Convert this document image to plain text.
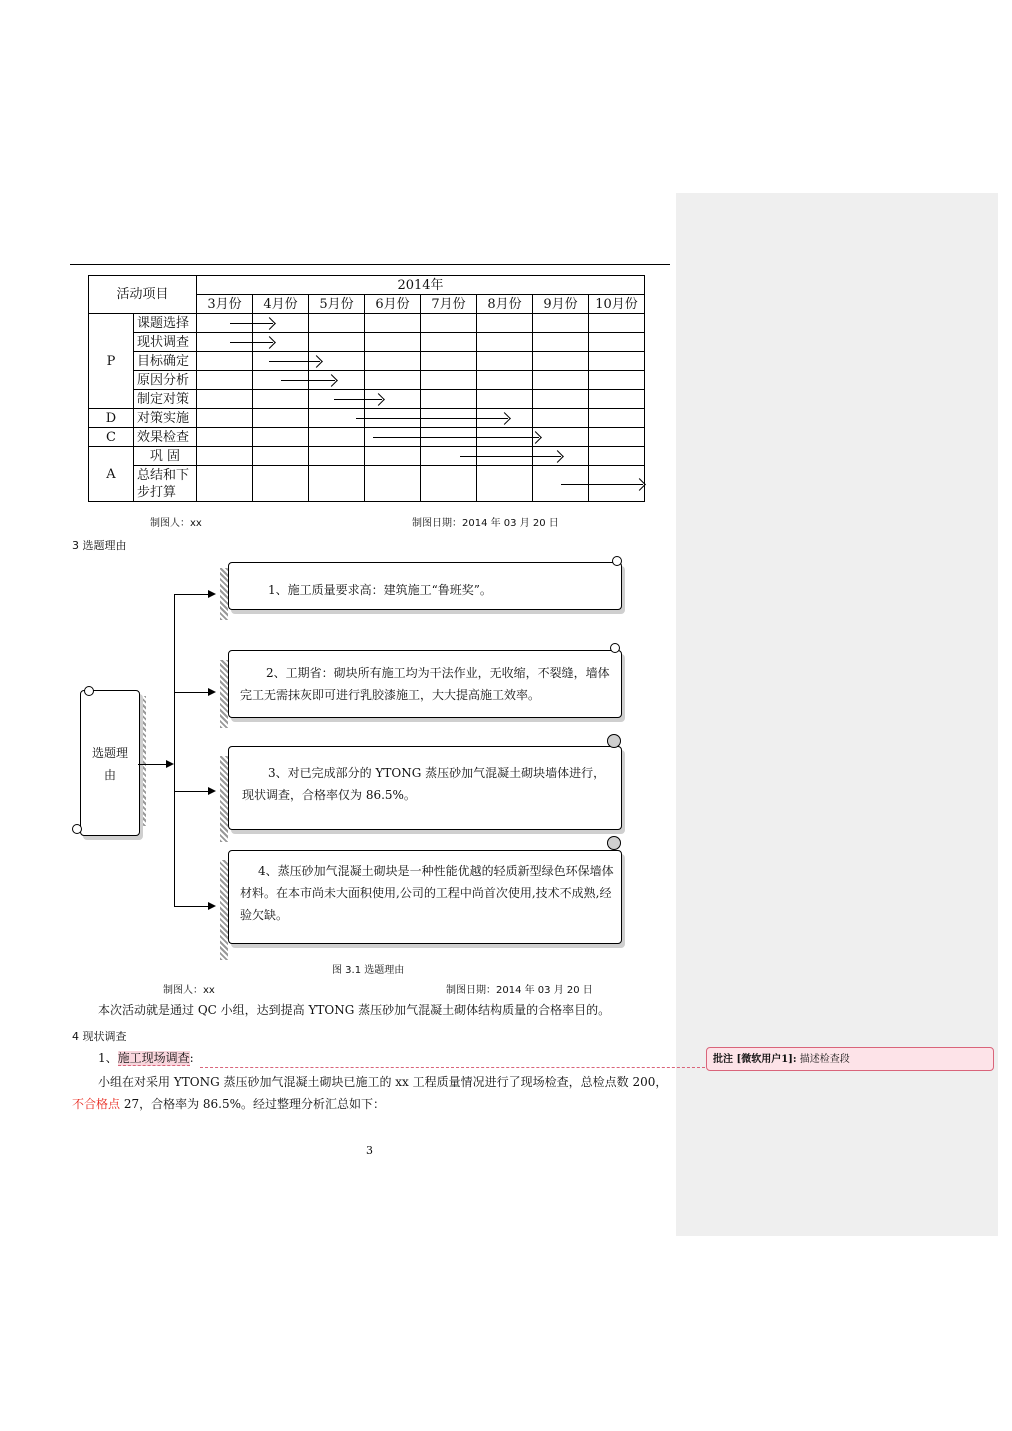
活动项目		2014年							
		3月份	4月份	5月份	6月份	7月份	8月份	9月份	10月份
P	课题选择								
	现状调查								
	目标确定								
	原因分析								
	制定对策								
D	对策实施								
C	效果检查								
A	巩 固								
	总结和下步打算								
制图人：xx	制图日期：2014 年 03 月 20 日
3 选题理由
选题理由
1、施工质量要求高：建筑施工“鲁班奖”。
2、工期省：砌块所有施工均为干法作业，无收缩，不裂缝，墙体完工无需抹灰即可进行乳胶漆施工，大大提高施工效率。
3、对已完成部分的 YTONG 蒸压砂加气混凝土砌块墙体进行，现状调查，合格率仅为 86.5%。
4、蒸压砂加气混凝土砌块是一种性能优越的轻质新型绿色环保墙体材料。在本市尚未大面积使用,公司的工程中尚首次使用,技术不成熟,经验欠缺。
图 3.1 选题理由
制图人：xx	制图日期：2014 年 03 月 20 日
本次活动就是通过 QC 小组，达到提高 YTONG 蒸压砂加气混凝土砌体结构质量的合格率目的。
4 现状调查
1、施工现场调查:
小组在对采用 YTONG 蒸压砂加气混凝土砌块已施工的 xx 工程质量情况进行了现场检查，总检点数 200，不合格点 27，合格率为 86.5%。经过整理分析汇总如下：
3
批注 [微软用户1]: 描述检查段
